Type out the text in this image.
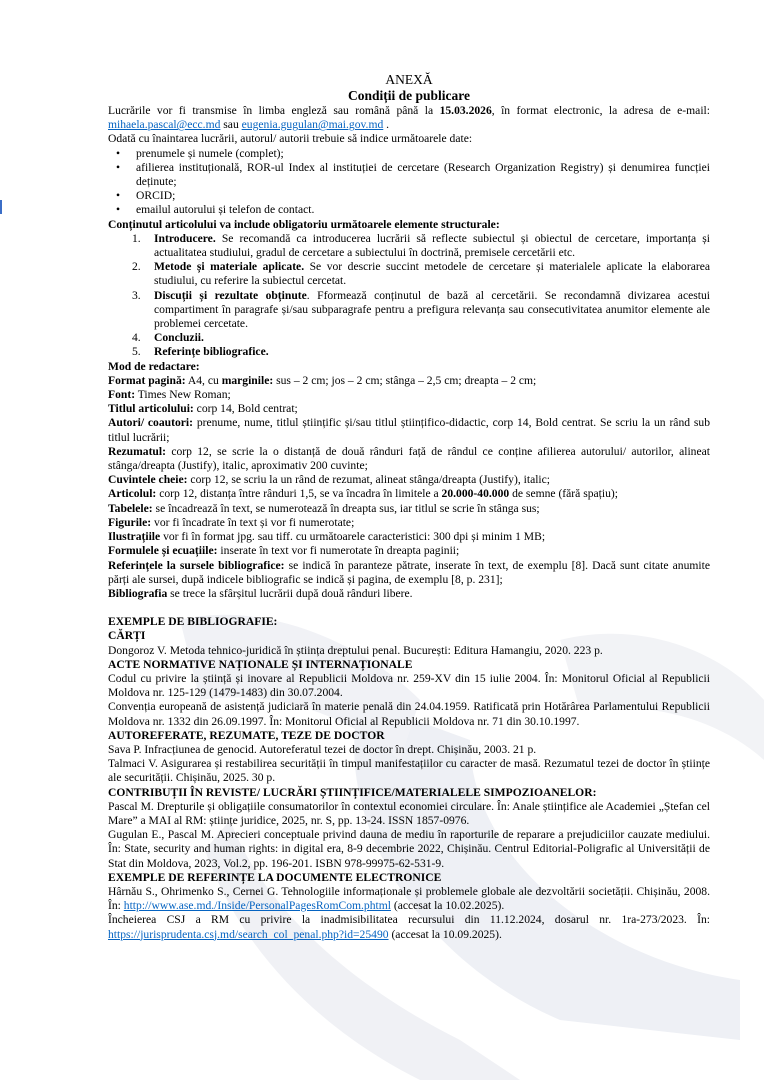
ANEXĂ

Condiții de publicare

Lucrările vor fi transmise în limba engleză sau română până la 15.03.2026, în format electronic, la adresa de e-mail: mihaela.pascal@ecc.md sau eugenia.gugulan@mai.gov.md .

Odată cu înaintarea lucrării, autorul/ autorii trebuie să indice următoarele date:

• prenumele și numele (complet);
• afilierea instituțională, ROR-ul Index al instituției de cercetare (Research Organization Registry) și denumirea funcției deținute;
• ORCID;
• emailul autorului și telefon de contact.

Conținutul articolului va include obligatoriu următoarele elemente structurale:

1. Introducere. Se recomandă ca introducerea lucrării să reflecte subiectul și obiectul de cercetare, importanța și actualitatea studiului, gradul de cercetare a subiectului în doctrină, premisele cercetării etc.
2. Metode și materiale aplicate. Se vor descrie succint metodele de cercetare și materialele aplicate la elaborarea studiului, cu referire la subiectul cercetat.
3. Discuții și rezultate obținute. Fformează conținutul de bază al cercetării. Se recondamnă divizarea acestui compartiment în paragrafe și/sau subparagrafe pentru a prefigura relevanța sau consecutivitatea anumitor elemente ale problemei cercetate.
4. Concluzii.
5. Referințe bibliografice.

Mod de redactare:

Format pagină: A4, cu marginile: sus – 2 cm; jos – 2 cm; stânga – 2,5 cm; dreapta – 2 cm;

Font: Times New Roman;

Titlul articolului: corp 14, Bold centrat;

Autori/ coautori: prenume, nume, titlul științific și/sau titlul științifico-didactic, corp 14, Bold centrat. Se scriu la un rând sub titlul lucrării;

Rezumatul: corp 12, se scrie la o distanță de două rânduri față de rândul ce conține afilierea autorului/ autorilor, alineat stânga/dreapta (Justify), italic, aproximativ 200 cuvinte;

Cuvintele cheie: corp 12, se scriu la un rând de rezumat, alineat stânga/dreapta (Justify), italic;

Articolul: corp 12, distanța între rânduri 1,5, se va încadra în limitele a 20.000-40.000 de semne (fără spațiu);

Tabelele: se încadrează în text, se numerotează în dreapta sus, iar titlul se scrie în stânga sus;

Figurile: vor fi încadrate în text și vor fi numerotate;

Ilustrațiile vor fi în format jpg. sau tiff. cu următoarele caracteristici: 300 dpi și minim 1 MB;

Formulele și ecuațiile: inserate în text vor fi numerotate în dreapta paginii;

Referințele la sursele bibliografice: se indică în paranteze pătrate, inserate în text, de exemplu [8]. Dacă sunt citate anumite părți ale sursei, după indicele bibliografic se indică și pagina, de exemplu [8, p. 231];

Bibliografia se trece la sfârșitul lucrării după două rânduri libere.

EXEMPLE DE BIBLIOGRAFIE:

CĂRȚI

Dongoroz V. Metoda tehnico-juridică în știința dreptului penal. București: Editura Hamangiu, 2020. 223 p.

ACTE NORMATIVE NAȚIONALE ȘI INTERNAȚIONALE

Codul cu privire la știință și inovare al Republicii Moldova nr. 259-XV din 15 iulie 2004. În: Monitorul Oficial al Republicii Moldova nr. 125-129 (1479-1483) din 30.07.2004.

Convenția europeană de asistență judiciară în materie penală din 24.04.1959. Ratificată prin Hotărârea Parlamentului Republicii Moldova nr. 1332 din 26.09.1997. În: Monitorul Oficial al Republicii Moldova nr. 71 din 30.10.1997.

AUTOREFERATE, REZUMATE, TEZE DE DOCTOR

Sava P. Infracțiunea de genocid. Autoreferatul tezei de doctor în drept. Chișinău, 2003. 21 p.

Talmaci V. Asigurarea și restabilirea securității în timpul manifestațiilor cu caracter de masă. Rezumatul tezei de doctor în științe ale securității. Chișinău, 2025. 30 p.

CONTRIBUȚII ÎN REVISTE/ LUCRĂRI ȘTIINȚIFICE/MATERIALELE SIMPOZIOANELOR:

Pascal M. Drepturile și obligațiile consumatorilor în contextul economiei circulare. În: Anale științifice ale Academiei „Ștefan cel Mare” a MAI al RM: științe juridice, 2025, nr. S, pp. 13-24. ISSN 1857-0976.

Gugulan E., Pascal M. Aprecieri conceptuale privind dauna de mediu în raporturile de reparare a prejudiciilor cauzate mediului. În: State, security and human rights: in digital era, 8-9 decembrie 2022, Chișinău. Centrul Editorial-Poligrafic al Universității de Stat din Moldova, 2023, Vol.2, pp. 196-201. ISBN 978-99975-62-531-9.

EXEMPLE DE REFERINȚE LA DOCUMENTE ELECTRONICE

Hârnău S., Ohrimenko S., Cernei G. Tehnologiile informaționale și problemele globale ale dezvoltării societății. Chișinău, 2008. În: http://www.ase.md./Inside/PersonalPagesRomCom.phtml (accesat la 10.02.2025).

Încheierea CSJ a RM cu privire la inadmisibilitatea recursului din 11.12.2024, dosarul nr. 1ra-273/2023. În: https://jurisprudenta.csj.md/search_col_penal.php?id=25490 (accesat la 10.09.2025).
